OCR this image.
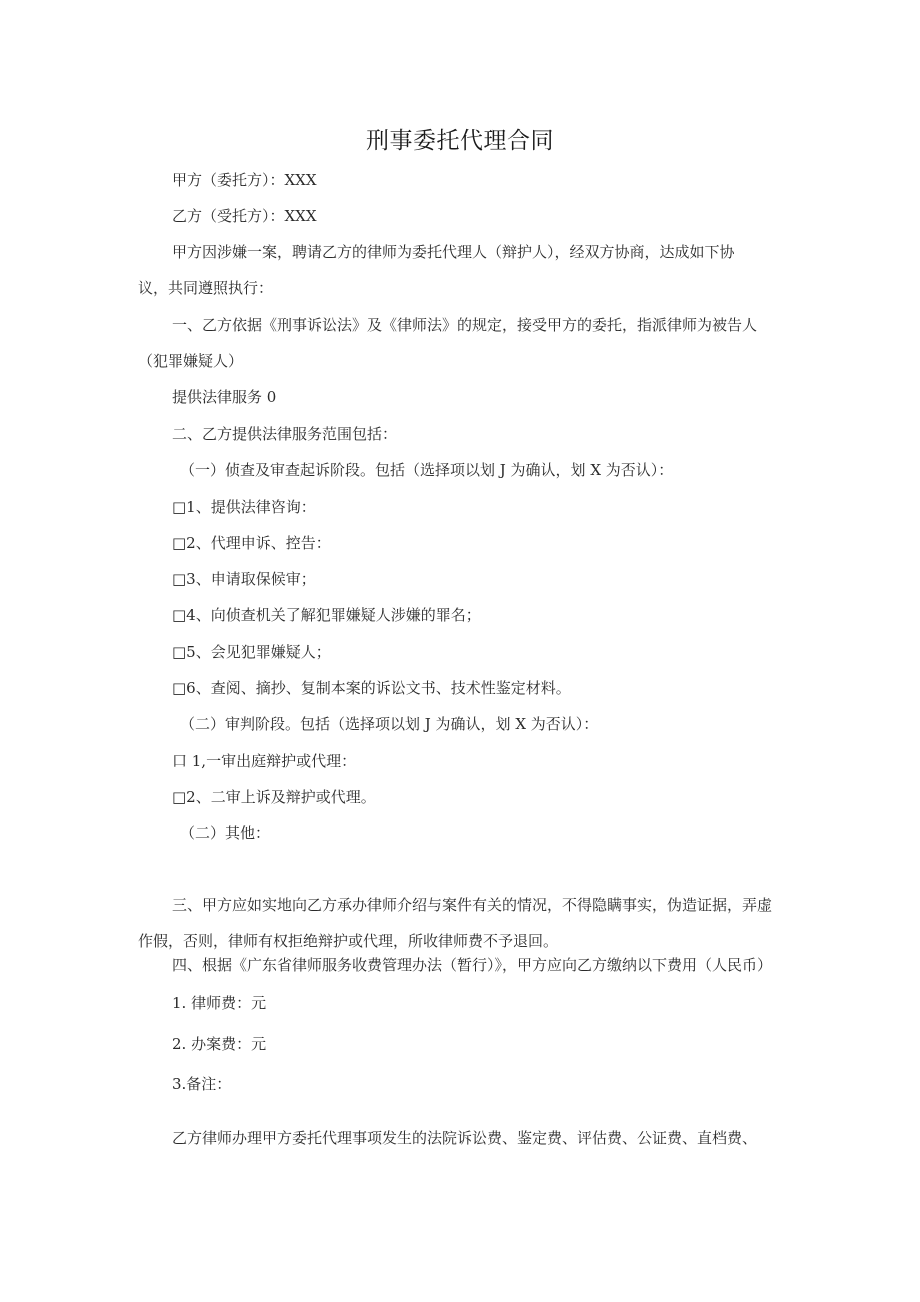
刑事委托代理合同
甲方（委托方）：XXX
乙方（受托方）：XXX
甲方因涉嫌一案，聘请乙方的律师为委托代理人（辩护人），经双方协商，达成如下协
议，共同遵照执行：
一、乙方依据《刑事诉讼法》及《律师法》的规定，接受甲方的委托，指派律师为被告人
（犯罪嫌疑人）
提供法律服务 0
二、乙方提供法律服务范围包括：
（一）侦查及审查起诉阶段。包括（选择项以划 J 为确认，划 X 为否认）：
□1、提供法律咨询：
□2、代理申诉、控告：
□3、申请取保候审；
□4、向侦查机关了解犯罪嫌疑人涉嫌的罪名；
□5、会见犯罪嫌疑人；
□6、查阅、摘抄、复制本案的诉讼文书、技术性鉴定材料。
（二）审判阶段。包括（选择项以划 J 为确认，划 X 为否认）：
口 1,一审出庭辩护或代理：
□2、二审上诉及辩护或代理。
（二）其他：
三、甲方应如实地向乙方承办律师介绍与案件有关的情况，不得隐瞒事实，伪造证据，弄虚
作假，否则，律师有权拒绝辩护或代理，所收律师费不予退回。
四、根据《广东省律师服务收费管理办法（暂行）》，甲方应向乙方缴纳以下费用（人民币）
1. 律师费：元
2. 办案费：元
3.备注：
乙方律师办理甲方委托代理事项发生的法院诉讼费、鉴定费、评估费、公证费、直档费、
